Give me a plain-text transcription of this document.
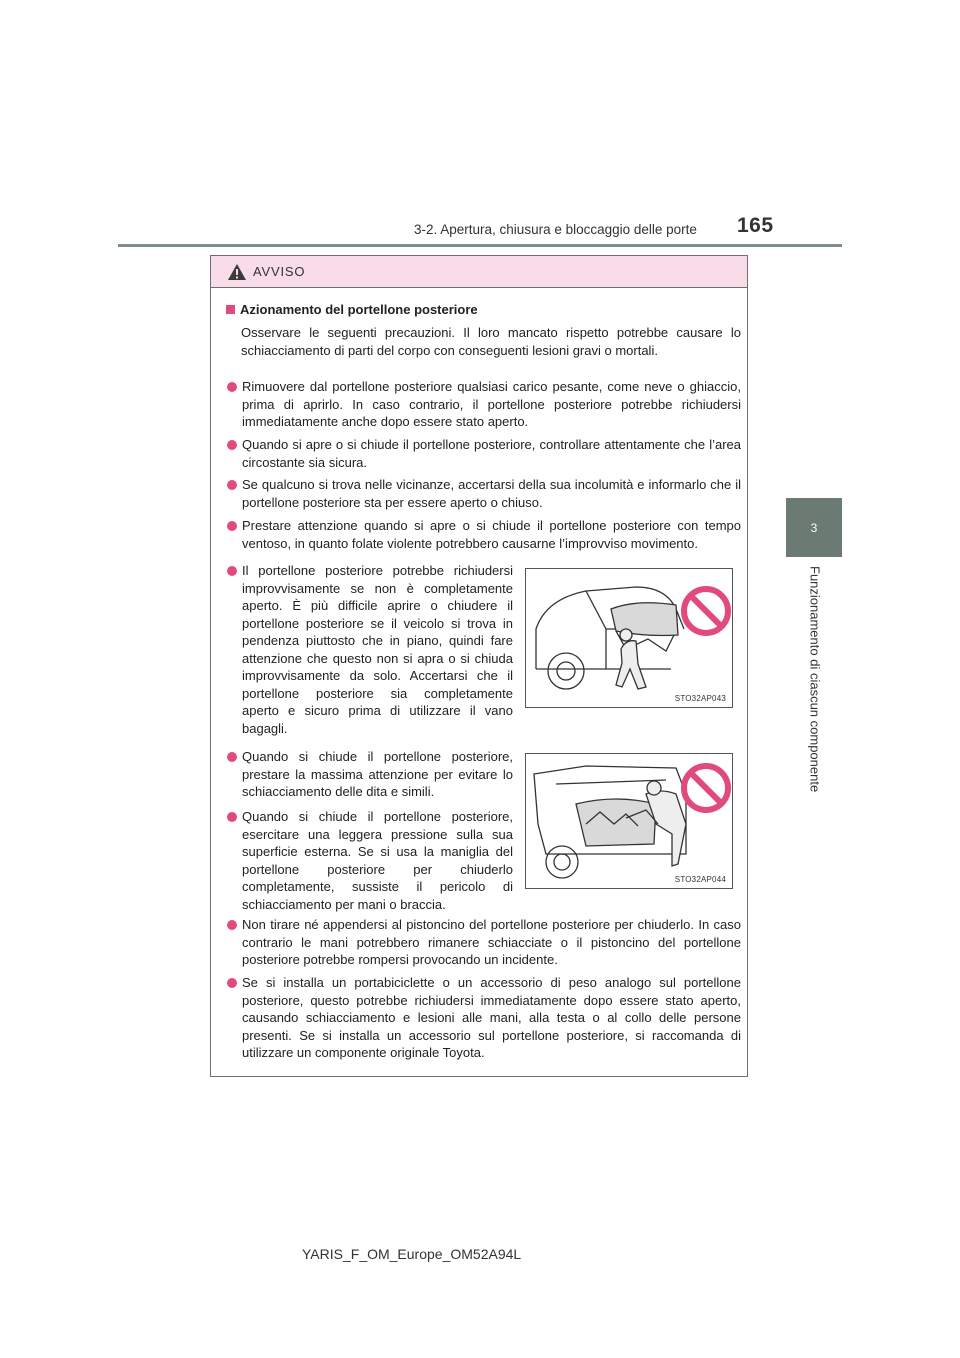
3-2. Apertura, chiusura e bloccaggio delle porte 165
3
Funzionamento di ciascun componente
AVVISO
Azionamento del portellone posteriore
Osservare le seguenti precauzioni. Il loro mancato rispetto potrebbe causare lo schiacciamento di parti del corpo con conseguenti lesioni gravi o mortali.
Rimuovere dal portellone posteriore qualsiasi carico pesante, come neve o ghiaccio, prima di aprirlo. In caso contrario, il portellone posteriore potrebbe richiudersi immediatamente anche dopo essere stato aperto.
Quando si apre o si chiude il portellone posteriore, controllare attentamente che l’area circostante sia sicura.
Se qualcuno si trova nelle vicinanze, accertarsi della sua incolumità e informarlo che il portellone posteriore sta per essere aperto o chiuso.
Prestare attenzione quando si apre o si chiude il portellone posteriore con tempo ventoso, in quanto folate violente potrebbero causarne l’improvviso movimento.
Il portellone posteriore potrebbe richiudersi improvvisamente se non è completamente aperto. È più difficile aprire o chiudere il portellone posteriore se il veicolo si trova in pendenza piuttosto che in piano, quindi fare attenzione che questo non si apra o si chiuda improvvisamente da solo. Accertarsi che il portellone posteriore sia completamente aperto e sicuro prima di utilizzare il vano bagagli.
Quando si chiude il portellone posteriore, prestare la massima attenzione per evitare lo schiacciamento delle dita e simili.
Quando si chiude il portellone posteriore, esercitare una leggera pressione sulla sua superficie esterna. Se si usa la maniglia del portellone posteriore per chiuderlo completamente, sussiste il pericolo di schiacciamento per mani o braccia.
Non tirare né appendersi al pistoncino del portellone posteriore per chiuderlo. In caso contrario le mani potrebbero rimanere schiacciate o il pistoncino del portellone posteriore potrebbe rompersi provocando un incidente.
Se si installa un portabiciclette o un accessorio di peso analogo sul portellone posteriore, questo potrebbe richiudersi immediatamente dopo essere stato aperto, causando schiacciamento e lesioni alle mani, alla testa o al collo delle persone presenti. Se si installa un accessorio sul portellone posteriore, si raccomanda di utilizzare un componente originale Toyota.
STO32AP043
STO32AP044
YARIS_F_OM_Europe_OM52A94L
